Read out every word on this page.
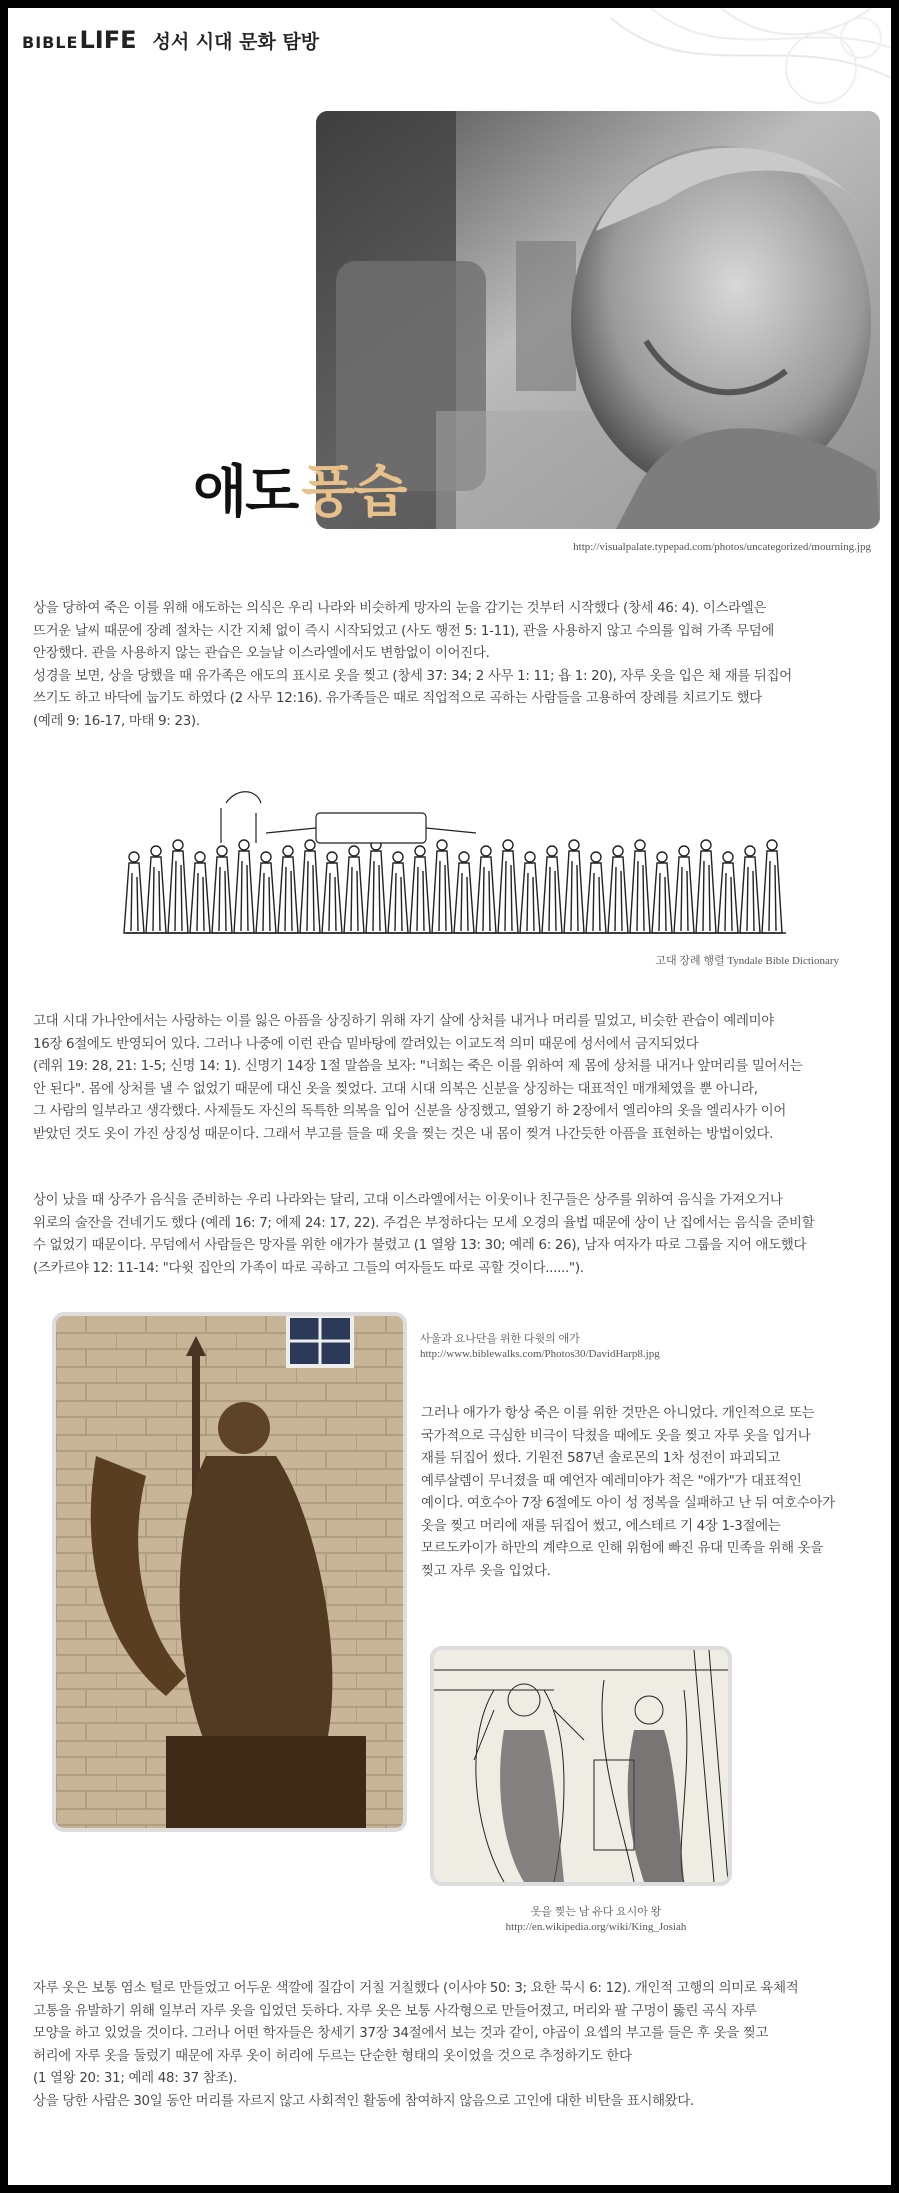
BIBLE LIFE 성서 시대 문화 탐방
애도 풍습
http://visualpalate.typepad.com/photos/uncategorized/mourning.jpg
상을 당하여 죽은 이를 위해 애도하는 의식은 우리 나라와 비슷하게 망자의 눈을 감기는 것부터 시작했다 (창세 46: 4). 이스라엘은
뜨거운 날씨 때문에 장례 절차는 시간 지체 없이 즉시 시작되었고 (사도 행전 5: 1-11), 관을 사용하지 않고 수의를 입혀 가족 무덤에
안장했다. 관을 사용하지 않는 관습은 오늘날 이스라엘에서도 변함없이 이어진다.
성경을 보면, 상을 당했을 때 유가족은 애도의 표시로 옷을 찢고 (창세 37: 34; 2 사무 1: 11; 욥 1: 20), 자루 옷을 입은 채 재를 뒤집어
쓰기도 하고 바닥에 눕기도 하였다 (2 사무 12:16). 유가족들은 때로 직업적으로 곡하는 사람들을 고용하여 장례를 치르기도 했다
(예레 9: 16-17, 마태 9: 23).
고대 장례 행렬 Tyndale Bible Dictionary
고대 시대 가나안에서는 사랑하는 이를 잃은 아픔을 상징하기 위해 자기 살에 상처를 내거나 머리를 밀었고, 비슷한 관습이 예레미야
16장 6절에도 반영되어 있다. 그러나 나중에 이런 관습 밑바탕에 깔려있는 이교도적 의미 때문에 성서에서 금지되었다
(레위 19: 28, 21: 1-5; 신명 14: 1). 신명기 14장 1절 말씀을 보자: "너희는 죽은 이를 위하여 제 몸에 상처를 내거나 앞머리를 밀어서는
안 된다". 몸에 상처를 낼 수 없었기 때문에 대신 옷을 찢었다. 고대 시대 의복은 신분을 상징하는 대표적인 매개체였을 뿐 아니라,
그 사람의 일부라고 생각했다. 사제들도 자신의 독특한 의복을 입어 신분을 상징했고, 열왕기 하 2장에서 엘리야의 옷을 엘리사가 이어
받았던 것도 옷이 가진 상징성 때문이다. 그래서 부고를 들을 때 옷을 찢는 것은 내 몸이 찢겨 나간듯한 아픔을 표현하는 방법이었다.
상이 났을 때 상주가 음식을 준비하는 우리 나라와는 달리, 고대 이스라엘에서는 이웃이나 친구들은 상주를 위하여 음식을 가져오거나
위로의 술잔을 건네기도 했다 (예레 16: 7; 에제 24: 17, 22). 주검은 부정하다는 모세 오경의 율법 때문에 상이 난 집에서는 음식을 준비할
수 없었기 때문이다. 무덤에서 사람들은 망자를 위한 애가가 불렸고 (1 열왕 13: 30; 예레 6: 26), 남자 여자가 따로 그룹을 지어 애도했다
(즈카르야 12: 11-14: "다윗 집안의 가족이 따로 곡하고 그들의 여자들도 따로 곡할 것이다......").
사울과 요나단을 위한 다윗의 애가
http://www.biblewalks.com/Photos30/DavidHarp8.jpg
그러나 애가가 항상 죽은 이를 위한 것만은 아니었다. 개인적으로 또는
국가적으로 극심한 비극이 닥쳤을 때에도 옷을 찢고 자루 옷을 입거나
재를 뒤집어 썼다. 기원전 587년 솔로몬의 1차 성전이 파괴되고
예루살렘이 무너졌을 때 예언자 예레미야가 적은 "애가"가 대표적인
예이다. 여호수아 7장 6절에도 아이 성 정복을 실패하고 난 뒤 여호수아가
옷을 찢고 머리에 재를 뒤집어 썼고, 에스테르 기 4장 1-3절에는
모르도카이가 하만의 계략으로 인해 위험에 빠진 유대 민족을 위해 옷을
찢고 자루 옷을 입었다.
옷을 찢는 남 유다 요시아 왕
http://en.wikipedia.org/wiki/King_Josiah
자루 옷은 보통 염소 털로 만들었고 어두운 색깔에 질감이 거칠 거칠했다 (이사야 50: 3; 요한 묵시 6: 12). 개인적 고행의 의미로 육체적
고통을 유발하기 위해 일부러 자루 옷을 입었던 듯하다. 자루 옷은 보통 사각형으로 만들어졌고, 머리와 팔 구멍이 뚫린 곡식 자루
모양을 하고 있었을 것이다. 그러나 어떤 학자들은 창세기 37장 34절에서 보는 것과 같이, 야곱이 요셉의 부고를 들은 후 옷을 찢고
허리에 자루 옷을 둘렀기 때문에 자루 옷이 허리에 두르는 단순한 형태의 옷이었을 것으로 추정하기도 한다
(1 열왕 20: 31; 예레 48: 37 참조).
상을 당한 사람은 30일 동안 머리를 자르지 않고 사회적인 활동에 참여하지 않음으로 고인에 대한 비탄을 표시해왔다.
